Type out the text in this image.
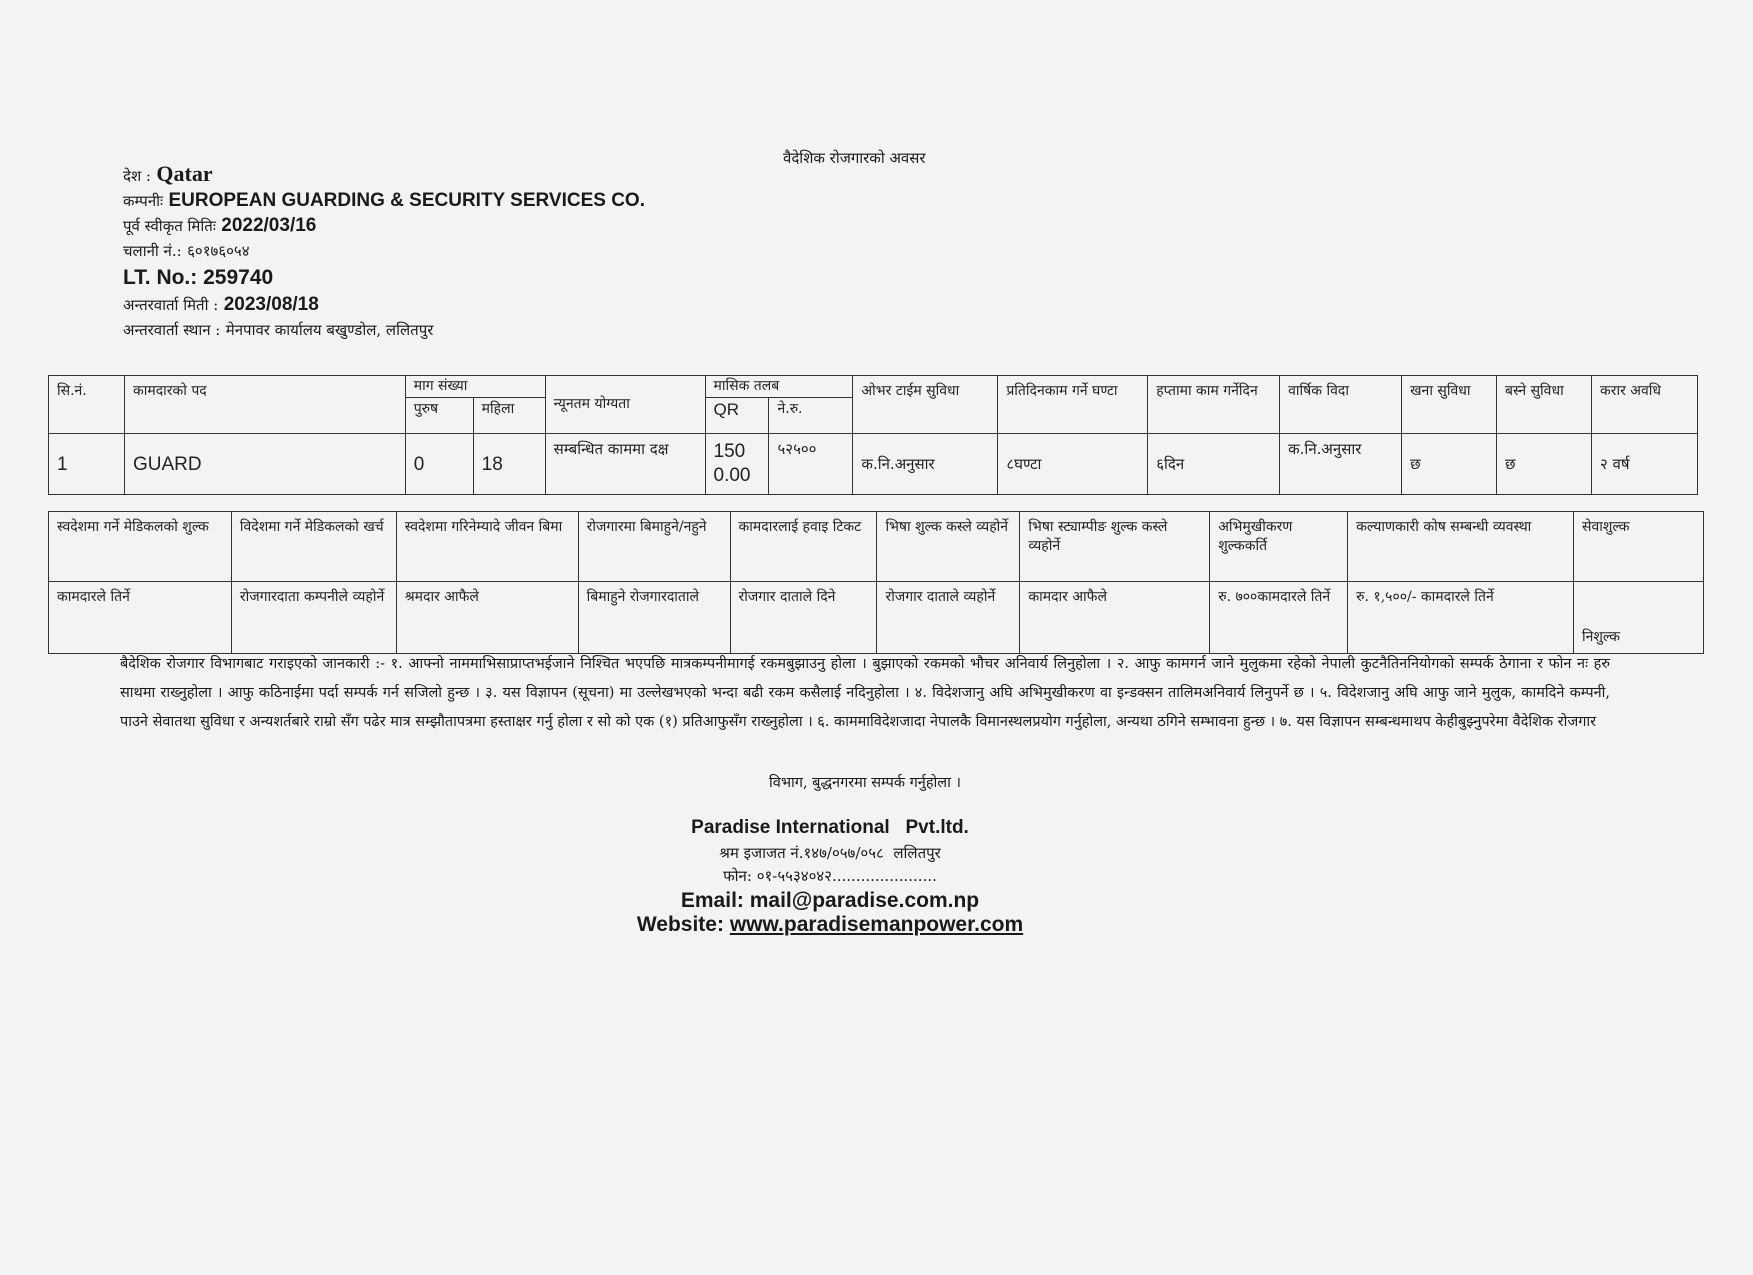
वैदेशिक रोजगारको अवसर
देश : Qatar
कम्पनीः EUROPEAN GUARDING & SECURITY SERVICES CO.
पूर्व स्वीकृत मितिः 2022/03/16
चलानी नं.: ६०१७६०५४
LT. No.: 259740
अन्तरवार्ता मिती : 2023/08/18
अन्तरवार्ता स्थान : मेनपावर कार्यालय बखुण्डोल, ललितपुर
सि.नं.	कामदारको पद	माग संख्या		न्यूनतम योग्यता	मासिक तलब		ओभर टाईम सुविधा	प्रतिदिनकाम गर्ने घण्टा	हप्तामा काम गर्नेदिन	वार्षिक विदा	खना सुविधा	बस्ने सुविधा	करार अवधि
		पुरुष	महिला		QR	ने.रु.							
1	GUARD	0	18	सम्बन्धित काममा दक्ष	1500.00	५२५००	क.नि.अनुसार	८घण्टा	६दिन	क.नि.अनुसार	छ	छ	२ वर्ष
स्वदेशमा गर्ने मेडिकलको शुल्क	विदेशमा गर्ने मेडिकलको खर्च	स्वदेशमा गरिनेम्यादे जीवन बिमा	रोजगारमा बिमाहुने/नहुने	कामदारलाई हवाइ टिकट	भिषा शुल्क कस्ले व्यहोर्ने	भिषा स्ट्याम्पीङ शुल्क कस्ले व्यहोर्ने	अभिमुखीकरण शुल्ककर्ति	कल्याणकारी कोष सम्बन्धी व्यवस्था	सेवाशुल्क
कामदारले तिर्ने	रोजगारदाता कम्पनीले व्यहोर्ने	श्रमदार आफैले	बिमाहुने रोजगारदाताले	रोजगार दाताले दिने	रोजगार दाताले व्यहोर्ने	कामदार आफैले	रु. ७००कामदारले तिर्ने	रु. १,५००/- कामदारले तिर्ने	निशुल्क
बैदेशिक रोजगार विभागबाट गराइएको जानकारी :- १. आफ्नो नाममाभिसाप्राप्तभईजाने निश्चित भएपछि मात्रकम्पनीमागई रकमबुझाउनु होला । बुझाएको रकमको भौचर अनिवार्य लिनुहोला । २. आफु कामगर्न जाने मुलुकमा रहेको नेपाली कुटनैतिननियोगको सम्पर्क ठेगाना र फोन नः हरु साथमा राख्नुहोला । आफु कठिनाईमा पर्दा सम्पर्क गर्न सजिलो हुन्छ । ३. यस विज्ञापन (सूचना) मा उल्लेखभएको भन्दा बढी रकम कसैलाई नदिनुहोला । ४. विदेशजानु अघि अभिमुखीकरण वा इन्डक्सन तालिमअनिवार्य लिनुपर्ने छ । ५. विदेशजानु अघि आफु जाने मुलुक, कामदिने कम्पनी, पाउने सेवातथा सुविधा र अन्यशर्तबारे राम्रो सँग पढेर मात्र सम्झौतापत्रमा हस्ताक्षर गर्नु होला र सो को एक (१) प्रतिआफुसँग राख्नुहोला । ६. काममाविदेशजादा नेपालकै विमानस्थलप्रयोग गर्नुहोला, अन्यथा ठगिने सम्भावना हुन्छ । ७. यस विज्ञापन सम्बन्धमाथप केहीबुझ्नुपरेमा वैदेशिक रोजगार
विभाग, बुद्धनगरमा सम्पर्क गर्नुहोला ।
Paradise International   Pvt.ltd.
श्रम इजाजत नं.१४७/०५७/०५८  ललितपुर
फोन: ०१-५५३४०४२......................
Email: mail@paradise.com.np
Website: www.paradisemanpower.com
